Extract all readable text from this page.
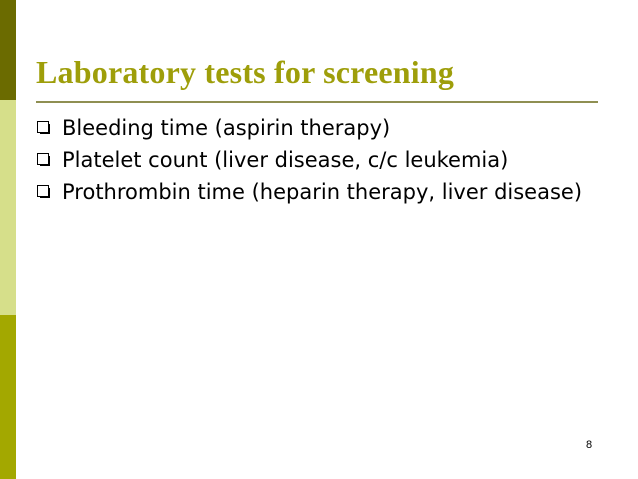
Laboratory tests for screening
Bleeding time (aspirin therapy)
Platelet count (liver disease, c/c leukemia)
Prothrombin time (heparin therapy, liver disease)
8
